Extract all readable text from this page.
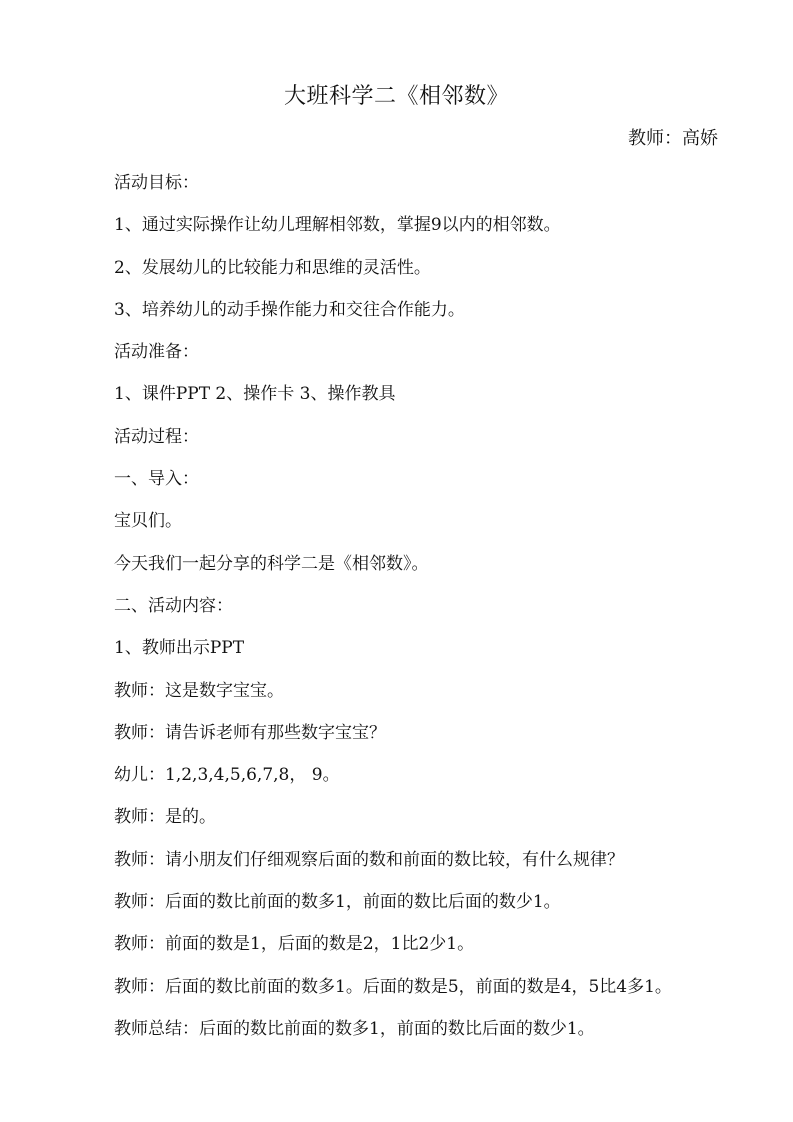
大班科学二《相邻数》
教师：高娇
活动目标：
1、通过实际操作让幼儿理解相邻数，掌握9以内的相邻数。
2、发展幼儿的比较能力和思维的灵活性。
3、培养幼儿的动手操作能力和交往合作能力。
活动准备：
1、课件PPT 2、操作卡 3、操作教具
活动过程：
一、导入：
宝贝们。
今天我们一起分享的科学二是《相邻数》。
二、活动内容：
1、教师出示PPT
教师：这是数字宝宝。
教师：请告诉老师有那些数字宝宝？
幼儿：1,2,3,4,5,6,7,8， 9。
教师：是的。
教师：请小朋友们仔细观察后面的数和前面的数比较，有什么规律？
教师：后面的数比前面的数多1，前面的数比后面的数少1。
教师：前面的数是1，后面的数是2，1比2少1。
教师：后面的数比前面的数多1。后面的数是5，前面的数是4，5比4多1。
教师总结：后面的数比前面的数多1，前面的数比后面的数少1。
